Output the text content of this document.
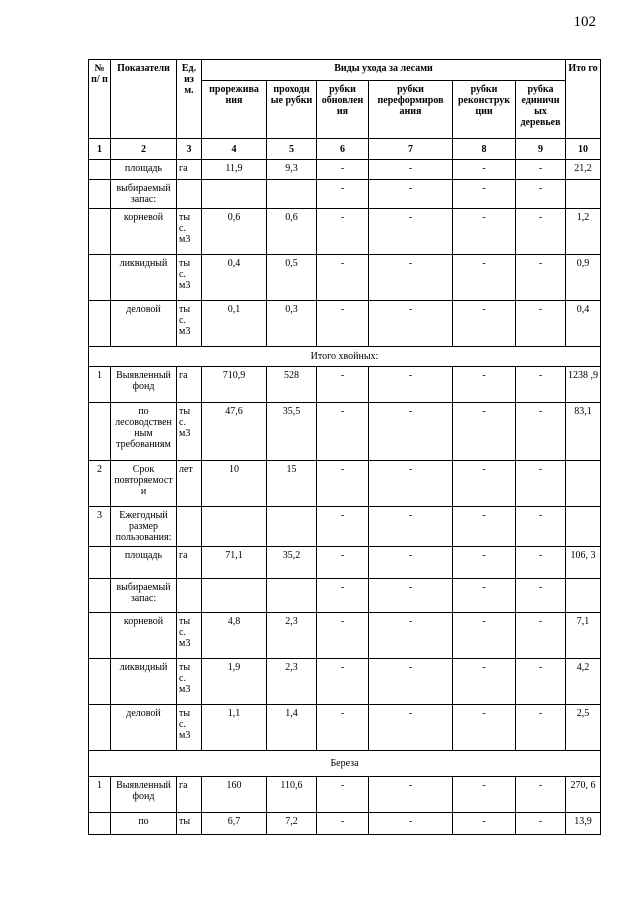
102
№ п/ п	Показатели	Ед. из м.	Виды ухода за лесами						Ито го
			прорежива ния	проходн ые рубки	рубки обновлен ия	рубки переформиров ания	рубки реконструк ции	рубка единичн ых деревьев	
1	2	3	4	5	6	7	8	9	10
	площадь	га	11,9	9,3	-	-	-	-	21,2
	выбираемый запас:				-	-	-	-	
	корневой	ты с. м3	0,6	0,6	-	-	-	-	1,2
	ликвидный	ты с. м3	0,4	0,5	-	-	-	-	0,9
	деловой	ты с. м3	0,1	0,3	-	-	-	-	0,4
Итого хвойных:									
1	Выявленный фонд	га	710,9	528	-	-	-	-	1238 ,9
	по лесоводствен ным требованиям	ты с. м3	47,6	35,5	-	-	-	-	83,1
2	Срок повторяемост и	лет	10	15	-	-	-	-	
3	Ежегодный размер пользования:				-	-	-	-	
	площадь	га	71,1	35,2	-	-	-	-	106, 3
	выбираемый запас:				-	-	-	-	
	корневой	ты с. м3	4,8	2,3	-	-	-	-	7,1
	ликвидный	ты с. м3	1,9	2,3	-	-	-	-	4,2
	деловой	ты с. м3	1,1	1,4	-	-	-	-	2,5
Береза									
1	Выявленный фонд	га	160	110,6	-	-	-	-	270, 6
	по	ты	6,7	7,2	-	-	-	-	13,9
